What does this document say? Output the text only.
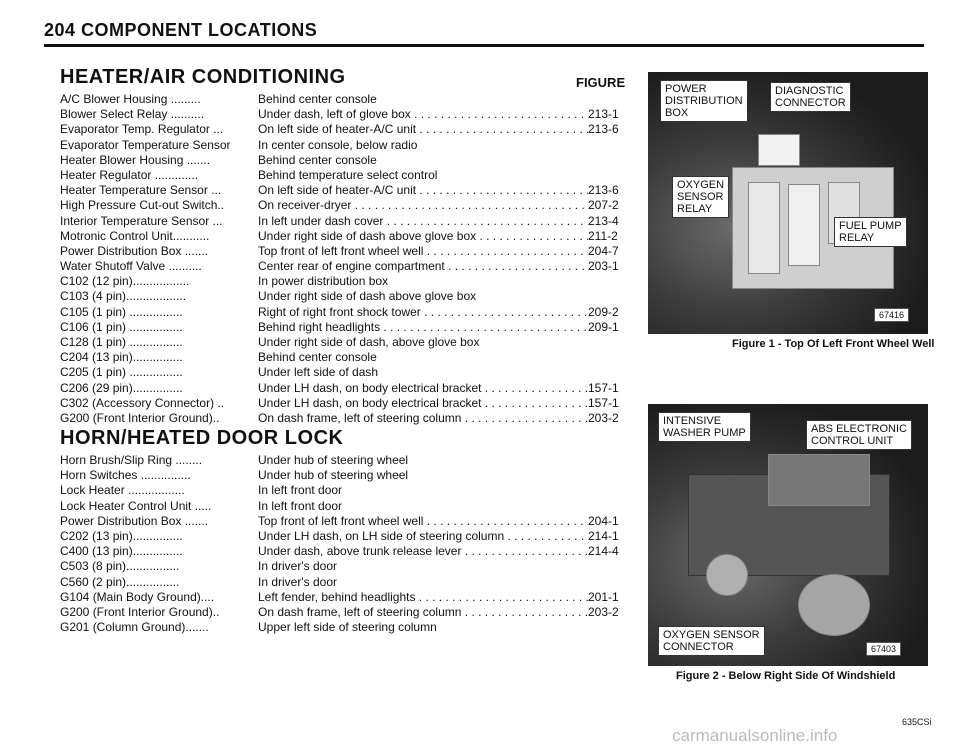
204 COMPONENT LOCATIONS
FIGURE
HEATER/AIR CONDITIONING
A/C Blower Housing .........	Behind center console
Blower Select Relay ..........	Under dash, left of glove box . . .	213-1
Evaporator Temp. Regulator ...	On left side of heater-A/C unit . . .	213-6
Evaporator Temperature Sensor	In center console, below radio
Heater Blower Housing .......	Behind center console
Heater Regulator .............	Behind temperature select control
Heater Temperature Sensor ...	On left side of heater-A/C unit . . .	213-6
High Pressure Cut-out Switch..	On receiver-dryer . . .	207-2
Interior Temperature Sensor ...	In left under dash cover . . .	213-4
Motronic Control Unit...........	Under right side of dash above glove box . . .	211-2
Power Distribution Box .......	Top front of left front wheel well . . .	204-7
Water Shutoff Valve ..........	Center rear of engine compartment . . .	203-1
C102 (12 pin).................	In power distribution box
C103 (4 pin)..................	Under right side of dash above glove box
C105 (1 pin) ................	Right of right front shock tower . . .	209-2
C106 (1 pin) ................	Behind right headlights . . .	209-1
C128 (1 pin) ................	Under right side of dash, above glove box
C204 (13 pin)...............	Behind center console
C205 (1 pin) ................	Under left side of dash
C206 (29 pin)...............	Under LH dash, on body electrical bracket . . .	157-1
C302 (Accessory Connector) ..	Under LH dash, on body electrical bracket . . .	157-1
G200 (Front Interior Ground)..	On dash frame, left of steering column . . .	203-2
HORN/HEATED DOOR LOCK
Horn Brush/Slip Ring ........	Under hub of steering wheel
Horn Switches ...............	Under hub of steering wheel
Lock Heater .................	In left front door
Lock Heater Control Unit .....	In left front door
Power Distribution Box .......	Top front of left front wheel well . . .	204-1
C202 (13 pin)...............	Under LH dash, on LH side of steering column . . .	214-1
C400 (13 pin)...............	Under dash, above trunk release lever . . .	214-4
C503 (8 pin)................	In driver's door
C560 (2 pin)................	In driver's door
G104 (Main Body Ground)....	Left fender, behind headlights . . .	201-1
G200 (Front Interior Ground)..	On dash frame, left of steering column . . .	203-2
G201 (Column Ground).......	Upper left side of steering column
POWER
DISTRIBUTION
BOX
DIAGNOSTIC
CONNECTOR
OXYGEN
SENSOR
RELAY
FUEL PUMP
RELAY
67416
Figure 1 - Top Of Left Front Wheel Well
INTENSIVE
WASHER PUMP	ABS ELECTRONIC
CONTROL UNIT
OXYGEN SENSOR
CONNECTOR	67403
Figure 2 - Below Right Side Of Windshield
635CSi
carmanualsonline.info
